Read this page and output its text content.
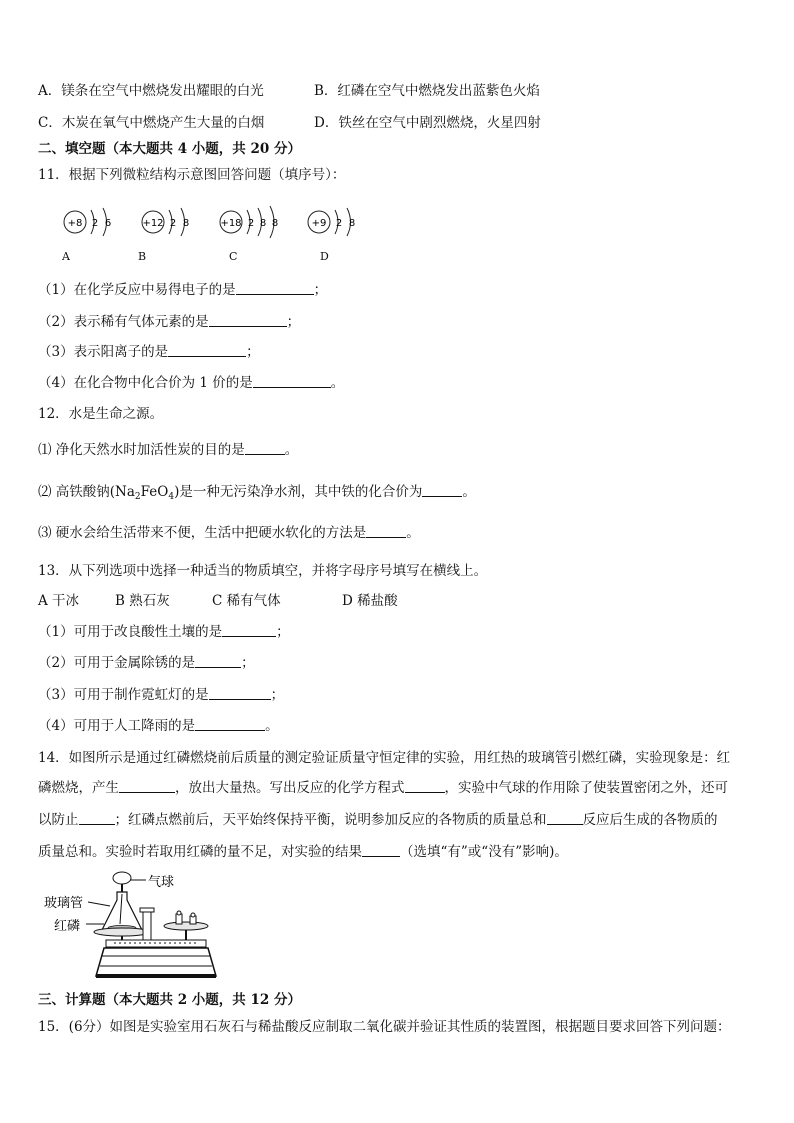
A．镁条在空气中燃烧发出耀眼的白光	B．红磷在空气中燃烧发出蓝紫色火焰
C．木炭在氧气中燃烧产生大量的白烟	D．铁丝在空气中剧烈燃烧，火星四射
二、填空题（本大题共 4 小题，共 20 分）
11．根据下列微粒结构示意图回答问题（填序号）：
+8 2 6	+12 2 8	+18 2 8 8	+9 2 8
A	B	C	D
（1）在化学反应中易得电子的是	；
（2）表示稀有气体元素的是	；
（3）表示阳离子的是	；
（4）在化合物中化合价为 1 价的是	。
12．水是生命之源。
⑴ 净化天然水时加活性炭的目的是	。
⑵ 高铁酸钠$(Na_2FeO_4)$是一种无污染净水剂，其中铁的化合价为	。
⑶ 硬水会给生活带来不便，生活中把硬水软化的方法是	。
13．从下列选项中选择一种适当的物质填空，并将字母序号填写在横线上。
A 干冰	B 熟石灰	C 稀有气体	D 稀盐酸
（1）可用于改良酸性土壤的是	；
（2）可用于金属除锈的是	；
（3）可用于制作霓虹灯的是	；
（4）可用于人工降雨的是	。
14．如图所示是通过红磷燃烧前后质量的测定验证质量守恒定律的实验，用红热的玻璃管引燃红磷，实验现象是：红
磷燃烧，产生	，放出大量热。写出反应的化学方程式	，实验中气球的作用除了使装置密闭之外，还可
以防止	；红磷点燃前后，天平始终保持平衡，说明参加反应的各物质的质量总和	反应后生成的各物质的
质量总和。实验时若取用红磷的量不足，对实验的结果	（选填“有”或“没有”影响)。
气球
玻璃管
红磷
三、计算题（本大题共 2 小题，共 12 分）
15．(6分）如图是实验室用石灰石与稀盐酸反应制取二氧化碳并验证其性质的装置图，根据题目要求回答下列问题：
